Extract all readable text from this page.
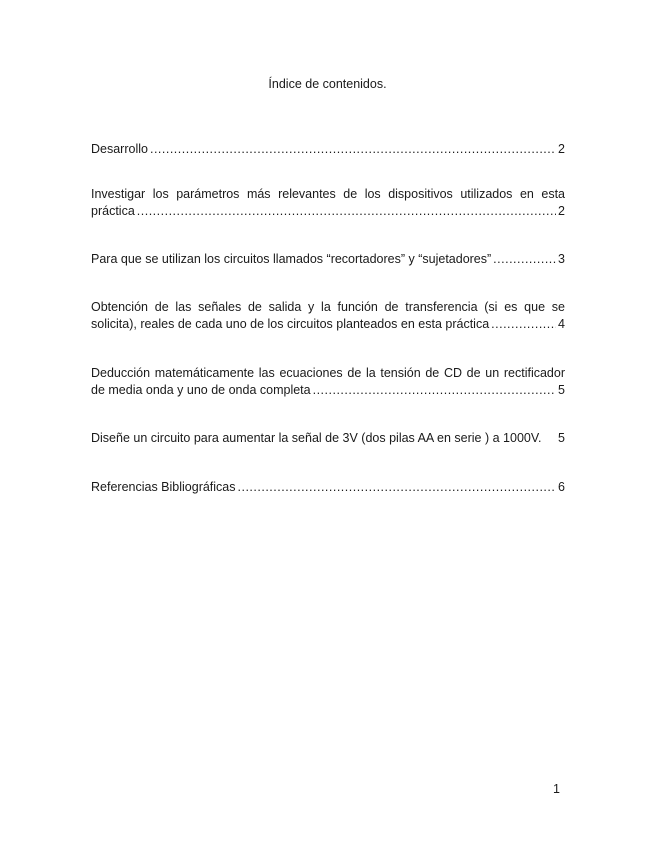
Índice de contenidos.
Desarrollo .....	2
Investigar los parámetros más relevantes de los dispositivos utilizados en esta
práctica .....	2
Para que se utilizan los circuitos llamados “recortadores” y “sujetadores” .....	3
Obtención de las señales de salida y la función de transferencia (si es que se
solicita), reales de cada uno de los circuitos planteados en esta práctica .....	4
Deducción matemáticamente las ecuaciones de la tensión de CD de un rectificador
de media onda y uno de onda completa .....	5
Diseñe un circuito para aumentar la señal de 3V (dos pilas AA en serie ) a 1000V. 5
Referencias Bibliográficas .....	6
1
